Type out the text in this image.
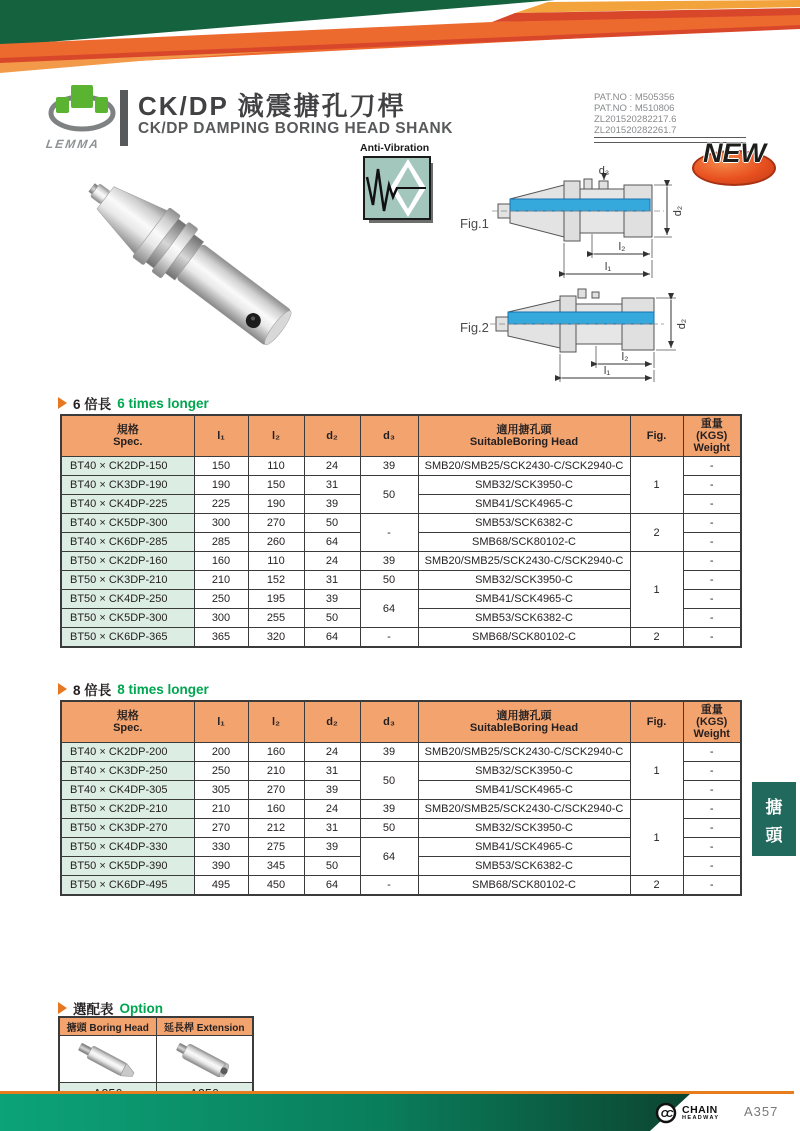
LEMMA
CK/DP 減震搪孔刀桿
CK/DP DAMPING BORING HEAD SHANK
PAT.NO : M505356
PAT.NO : M510806
ZL201520282217.6
ZL201520282261.7
NEW
Anti-Vibration
Fig.1
d₃
d₂
l₂
l₁
Fig.2	d₂
l₂
l₁
6 倍長 6 times longer
規格
Spec.	l₁	l₂	d₂	d₃	適用搪孔頭
SuitableBoring Head	Fig.

重量
(KGS)
Weight

BT40 × CK2DP-150	150	110	24	39	SMB20/SMB25/SCK2430-C/SCK2940-C	1	-
BT40 × CK3DP-190	190	150	31	50	SMB32/SCK3950-C		-
BT40 × CK4DP-225	225	190	39		SMB41/SCK4965-C		-
BT40 × CK5DP-300	300	270	50	-	SMB53/SCK6382-C	2	-
BT40 × CK6DP-285	285	260	64		SMB68/SCK80102-C		-
BT50 × CK2DP-160	160	110	24	39	SMB20/SMB25/SCK2430-C/SCK2940-C	1	-
BT50 × CK3DP-210	210	152	31	50	SMB32/SCK3950-C		-
BT50 × CK4DP-250	250	195	39	64	SMB41/SCK4965-C		-
BT50 × CK5DP-300	300	255	50		SMB53/SCK6382-C		-
BT50 × CK6DP-365	365	320	64	-	SMB68/SCK80102-C	2	-
8 倍長 8 times longer
規格
Spec.	l₁	l₂	d₂	d₃	適用搪孔頭
SuitableBoring Head	Fig.

重量
(KGS)
Weight

BT40 × CK2DP-200	200	160	24	39	SMB20/SMB25/SCK2430-C/SCK2940-C	1	-
BT40 × CK3DP-250	250	210	31	50	SMB32/SCK3950-C		-
BT40 × CK4DP-305	305	270	39		SMB41/SCK4965-C		-
BT50 × CK2DP-210	210	160	24	39	SMB20/SMB25/SCK2430-C/SCK2940-C	1	-
BT50 × CK3DP-270	270	212	31	50	SMB32/SCK3950-C		-
BT50 × CK4DP-330	330	275	39	64	SMB41/SCK4965-C		-
BT50 × CK5DP-390	390	345	50		SMB53/SCK6382-C		-
BT50 × CK6DP-495	495	450	64	-	SMB68/SCK80102-C	2	-
搪
頭
選配表 Option
搪頭 Boring Head	延長桿 Extension

CC CHAIN
HEADWAY A357
